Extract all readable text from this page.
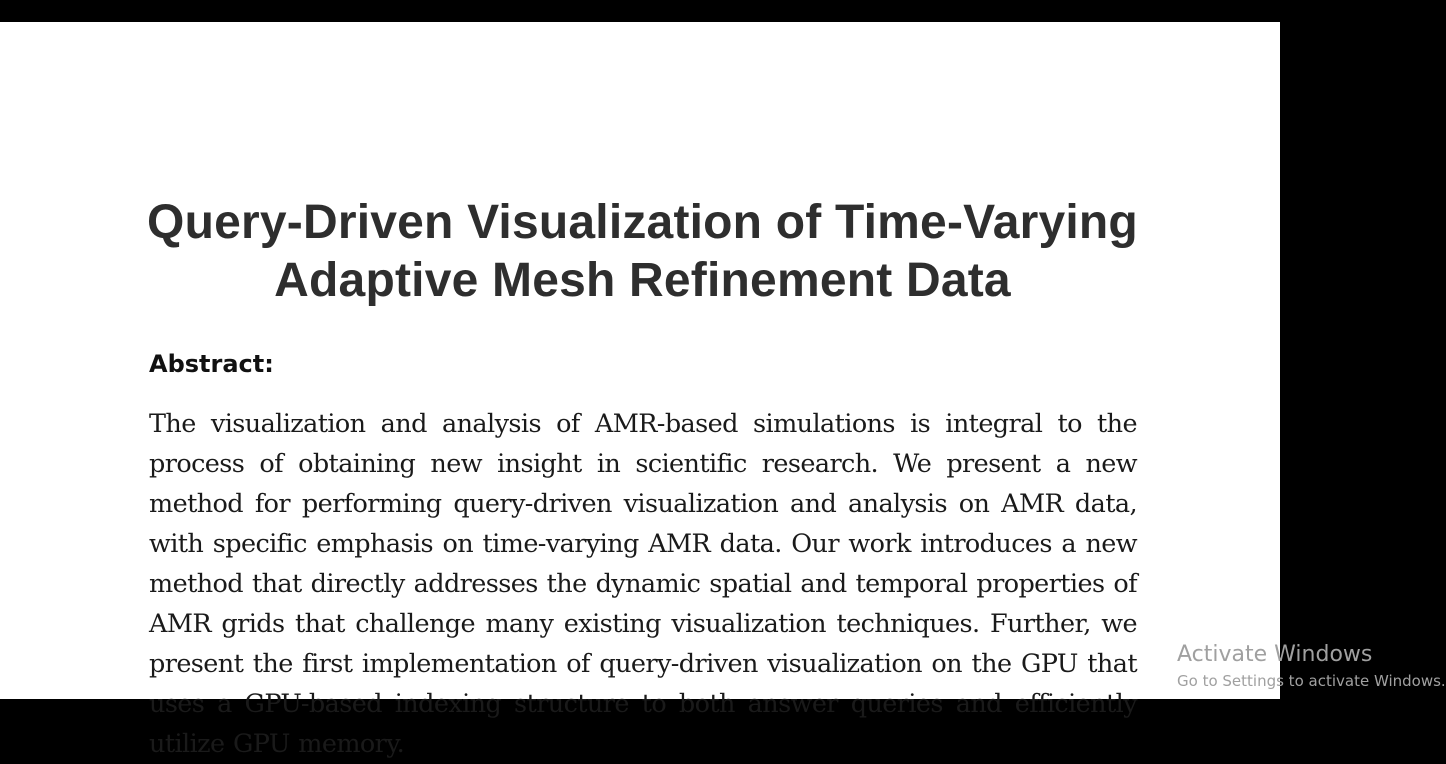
Query-Driven Visualization of Time-Varying Adaptive Mesh Refinement Data
Abstract:

The visualization and analysis of AMR-based simulations is integral to the process of obtaining new insight in scientific research. We present a new method for performing query-driven visualization and analysis on AMR data, with specific emphasis on time-varying AMR data. Our work introduces a new method that directly addresses the dynamic spatial and temporal properties of AMR grids that challenge many existing visualization techniques. Further, we present the first implementation of query-driven visualization on the GPU that uses a GPU-based indexing structure to both answer queries and efficiently utilize GPU memory.

Activate Windows
Go to Settings to activate Windows.
